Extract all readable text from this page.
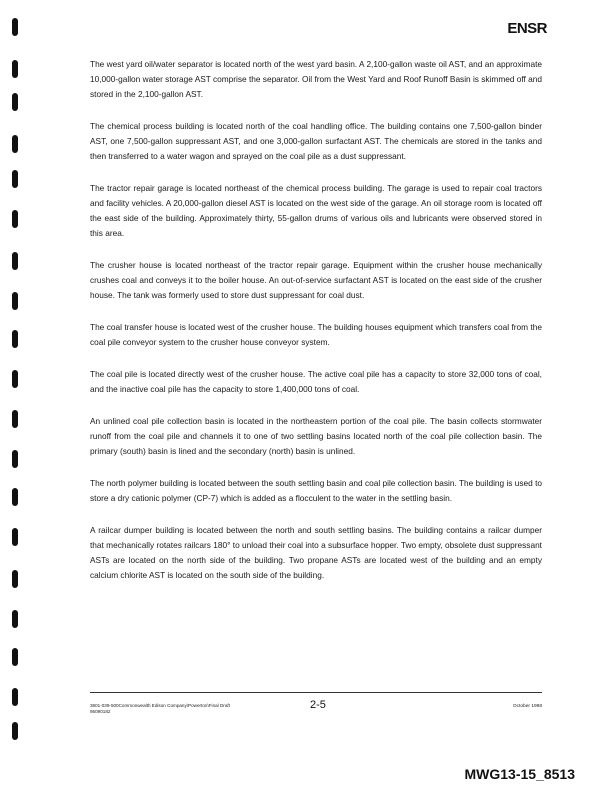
ENSR

The west yard oil/water separator is located north of the west yard basin. A 2,100-gallon waste oil AST, and an approximate 10,000-gallon water storage AST comprise the separator. Oil from the West Yard and Roof Runoff Basin is skimmed off and stored in the 2,100-gallon AST.

The chemical process building is located north of the coal handling office. The building contains one 7,500-gallon binder AST, one 7,500-gallon suppressant AST, and one 3,000-gallon surfactant AST. The chemicals are stored in the tanks and then transferred to a water wagon and sprayed on the coal pile as a dust suppressant.

The tractor repair garage is located northeast of the chemical process building. The garage is used to repair coal tractors and facility vehicles. A 20,000-gallon diesel AST is located on the west side of the garage. An oil storage room is located off the east side of the building. Approximately thirty, 55-gallon drums of various oils and lubricants were observed stored in this area.

The crusher house is located northeast of the tractor repair garage. Equipment within the crusher house mechanically crushes coal and conveys it to the boiler house. An out-of-service surfactant AST is located on the east side of the crusher house. The tank was formerly used to store dust suppressant for coal dust.

The coal transfer house is located west of the crusher house. The building houses equipment which transfers coal from the coal pile conveyor system to the crusher house conveyor system.

The coal pile is located directly west of the crusher house. The active coal pile has a capacity to store 32,000 tons of coal, and the inactive coal pile has the capacity to store 1,400,000 tons of coal.

An unlined coal pile collection basin is located in the northeastern portion of the coal pile. The basin collects stormwater runoff from the coal pile and channels it to one of two settling basins located north of the coal pile collection basin. The primary (south) basin is lined and the secondary (north) basin is unlined.

The north polymer building is located between the south settling basin and coal pile collection basin. The building is used to store a dry cationic polymer (CP-7) which is added as a flocculent to the water in the settling basin.

A railcar dumper building is located between the north and south settling basins. The building contains a railcar dumper that mechanically rotates railcars 180° to unload their coal into a subsurface hopper. Two empty, obsolete dust suppressant ASTs are located on the north side of the building. Two propane ASTs are located west of the building and an empty calcium chlorite AST is located on the south side of the building.

3801-039-500Commonwealth Edison Company\Powerton\Final Draft
95090182
2-5	October 1998
MWG13-15_8513
